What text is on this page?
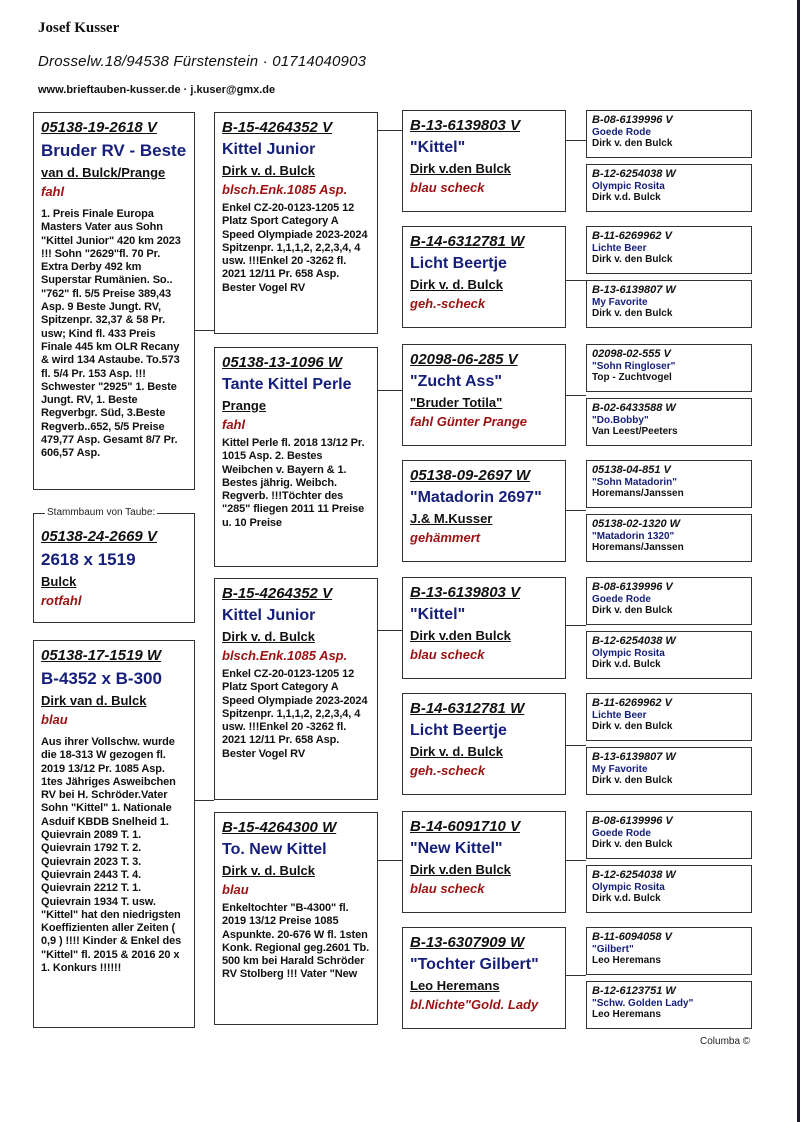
Josef Kusser
Drosselw.18/94538 Fürstenstein · 01714040903
www.brieftauben-kusser.de · j.kuser@gmx.de
05138-19-2618 V
Bruder RV - Beste
van d. Bulck/Prange
fahl
1. Preis Finale Europa Masters Vater aus Sohn "Kittel Junior" 420 km 2023 !!! Sohn "2629"fl. 70 Pr. Extra Derby 492 km Superstar Rumänien. So.. "762" fl. 5/5 Preise 389,43 Asp. 9 Beste Jungt. RV, Spitzenpr. 32,37 & 58 Pr. usw; Kind fl. 433 Preis Finale 445 km OLR Recany & wird 134 Astaube. To.573 fl. 5/4 Pr. 153 Asp. !!! Schwester "2925" 1. Beste Jungt. RV, 1. Beste Regverbgr. Süd, 3.Beste Regverb..652, 5/5 Preise 479,77 Asp. Gesamt 8/7 Pr. 606,57 Asp.
05138-24-2669 V
2618 x 1519
Bulck
rotfahl
Stammbaum von Taube:
05138-17-1519 W
B-4352 x B-300
Dirk van d. Bulck
blau
Aus ihrer Vollschw. wurde die 18-313 W gezogen fl. 2019 13/12 Pr. 1085 Asp. 1tes Jähriges Asweibchen RV bei H. Schröder.Vater Sohn "Kittel" 1. Nationale Asduif KBDB Snelheid 1. Quievrain 2089 T. 1. Quievrain 1792 T. 2. Quievrain 2023 T. 3. Quievrain 2443 T. 4. Quievrain 2212 T. 1. Quievrain 1934 T. usw. "Kittel" hat den niedrigsten Koeffizienten aller Zeiten ( 0,9 ) !!!! Kinder & Enkel des "Kittel" fl. 2015 & 2016 20 x 1. Konkurs !!!!!!
B-15-4264352 V
Kittel Junior
Dirk v. d. Bulck
blsch.Enk.1085 Asp.
Enkel CZ-20-0123-1205 12 Platz Sport Category A Speed Olympiade 2023-2024 Spitzenpr. 1,1,1,2, 2,2,3,4, 4 usw. !!!Enkel 20 -3262 fl. 2021 12/11 Pr. 658 Asp. Bester Vogel RV
05138-13-1096 W
Tante Kittel Perle
Prange
fahl
Kittel Perle fl. 2018 13/12 Pr. 1015 Asp. 2. Bestes Weibchen v. Bayern & 1. Bestes jährig. Weibch. Regverb. !!!Töchter des "285" fliegen 2011 11 Preise u. 10 Preise
B-15-4264352 V
Kittel Junior
Dirk v. d. Bulck
blsch.Enk.1085 Asp.
Enkel CZ-20-0123-1205 12 Platz Sport Category A Speed Olympiade 2023-2024 Spitzenpr. 1,1,1,2, 2,2,3,4, 4 usw. !!!Enkel 20 -3262 fl. 2021 12/11 Pr. 658 Asp. Bester Vogel RV
B-15-4264300 W
To. New Kittel
Dirk v. d. Bulck
blau
Enkeltochter "B-4300" fl. 2019 13/12 Preise 1085 Aspunkte. 20-676 W fl. 1sten Konk. Regional geg.2601 Tb. 500 km bei Harald Schröder RV Stolberg !!! Vater "New
B-13-6139803 V
"Kittel"
Dirk v.den Bulck
blau scheck
B-14-6312781 W
Licht Beertje
Dirk v. d. Bulck
geh.-scheck
02098-06-285 V
"Zucht Ass"
"Bruder Totila"
fahl Günter Prange
05138-09-2697 W
"Matadorin 2697"
J.& M.Kusser
gehämmert
B-13-6139803 V
"Kittel"
Dirk v.den Bulck
blau scheck
B-14-6312781 W
Licht Beertje
Dirk v. d. Bulck
geh.-scheck
B-14-6091710 V
"New Kittel"
Dirk v.den Bulck
blau scheck
B-13-6307909 W
"Tochter Gilbert"
Leo Heremans
bl.Nichte"Gold. Lady
B-08-6139996 V
Goede Rode
Dirk v. den Bulck
B-12-6254038 W
Olympic Rosita
Dirk v.d. Bulck
B-11-6269962 V
Lichte Beer
Dirk v. den Bulck
B-13-6139807 W
My Favorite
Dirk v. den Bulck
02098-02-555 V
"Sohn Ringloser"
Top - Zuchtvogel
B-02-6433588 W
"Do.Bobby"
Van Leest/Peeters
05138-04-851 V
"Sohn Matadorin"
Horemans/Janssen
05138-02-1320 W
"Matadorin 1320"
Horemans/Janssen
B-08-6139996 V
Goede Rode
Dirk v. den Bulck
B-12-6254038 W
Olympic Rosita
Dirk v.d. Bulck
B-11-6269962 V
Lichte Beer
Dirk v. den Bulck
B-13-6139807 W
My Favorite
Dirk v. den Bulck
B-08-6139996 V
Goede Rode
Dirk v. den Bulck
B-12-6254038 W
Olympic Rosita
Dirk v.d. Bulck
B-11-6094058 V
"Gilbert"
Leo Heremans
B-12-6123751 W
"Schw. Golden Lady"
Leo Heremans
Columba ©
